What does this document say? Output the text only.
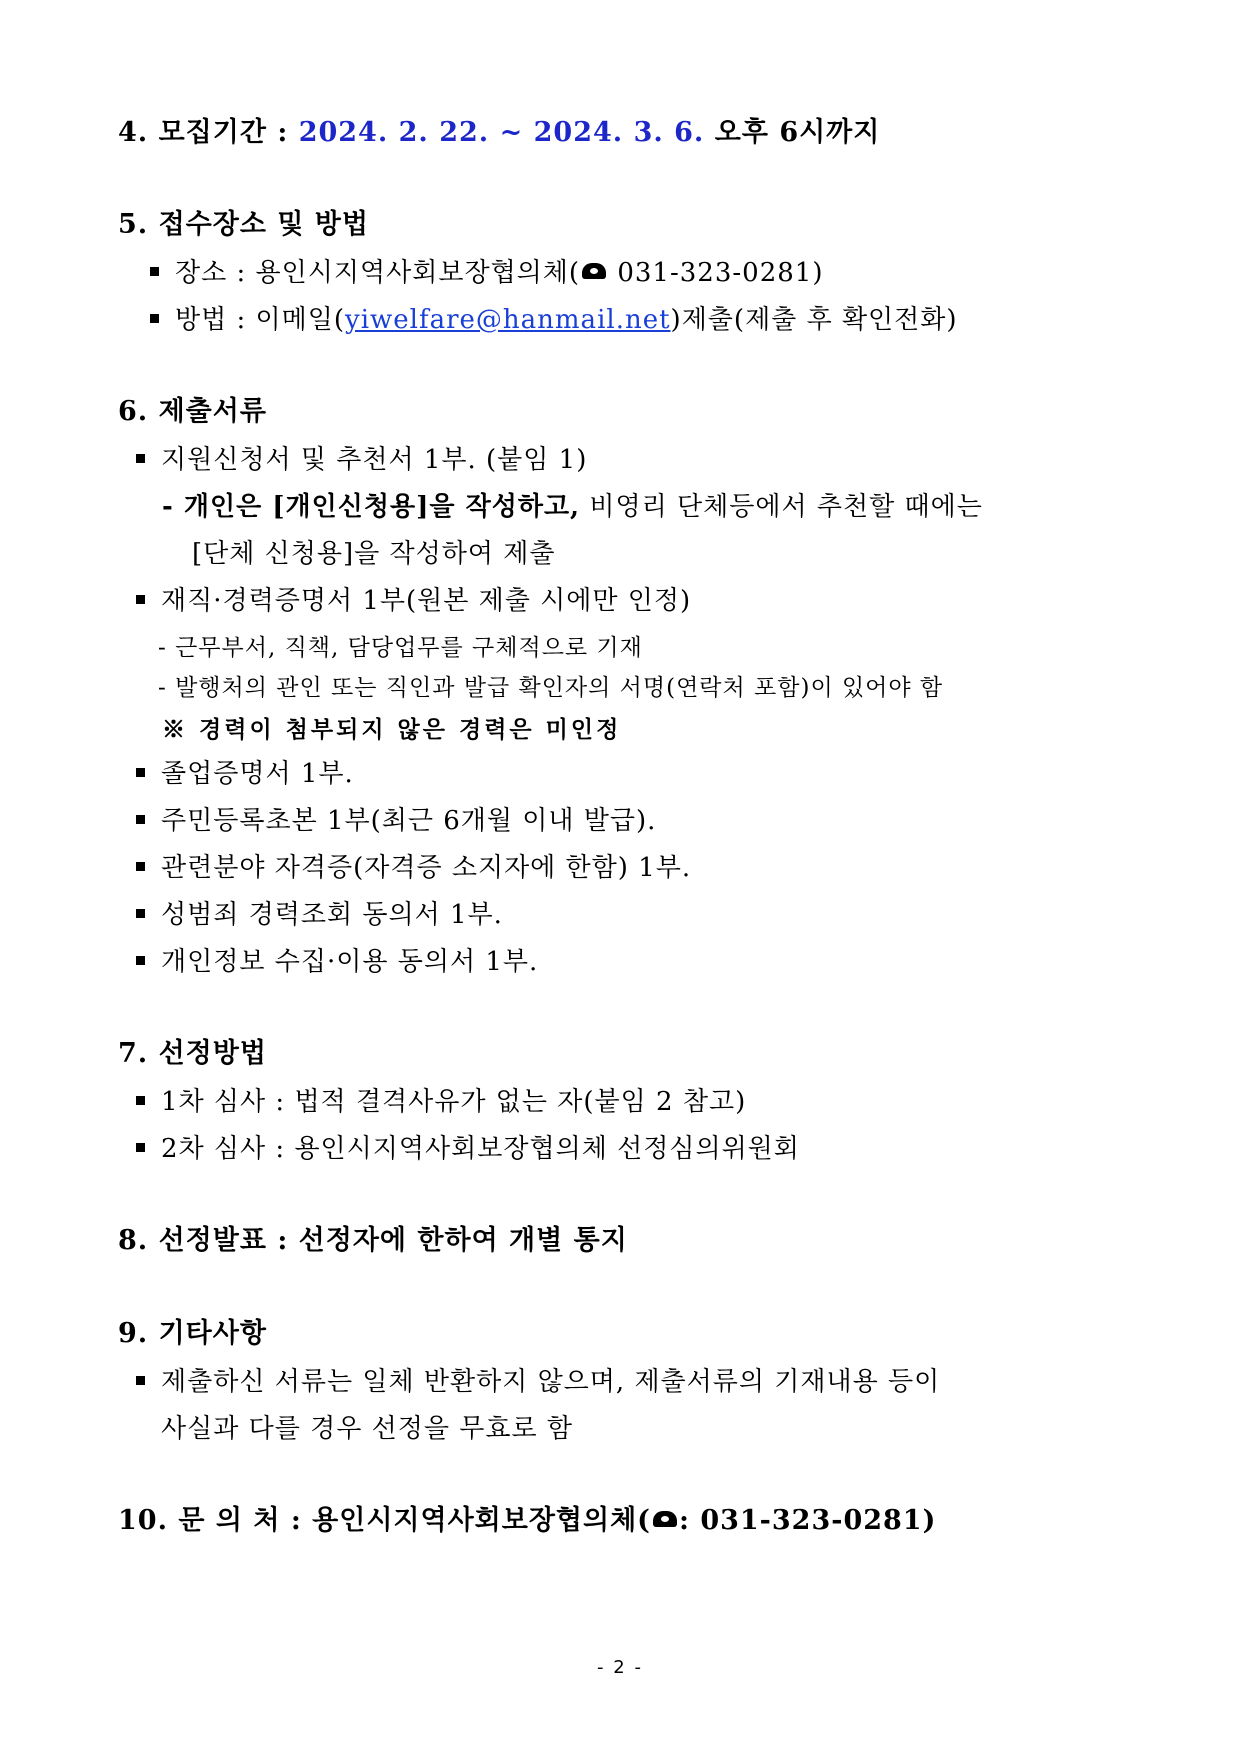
4. 모집기간 : 2024. 2. 22. ~ 2024. 3. 6. 오후 6시까지
5. 접수장소 및 방법
장소 : 용인시지역사회보장협의체( 031-323-0281)
방법 : 이메일(yiwelfare@hanmail.net)제출(제출 후 확인전화)
6. 제출서류
지원신청서 및 추천서 1부. (붙임 1)
- 개인은 [개인신청용]을 작성하고, 비영리 단체등에서 추천할 때에는
[단체 신청용]을 작성하여 제출
재직·경력증명서 1부(원본 제출 시에만 인정)
- 근무부서, 직책, 담당업무를 구체적으로 기재
- 발행처의 관인 또는 직인과 발급 확인자의 서명(연락처 포함)이 있어야 함
※ 경력이 첨부되지 않은 경력은 미인정
졸업증명서 1부.
주민등록초본 1부(최근 6개월 이내 발급).
관련분야 자격증(자격증 소지자에 한함) 1부.
성범죄 경력조회 동의서 1부.
개인정보 수집·이용 동의서 1부.
7. 선정방법
1차 심사 : 법적 결격사유가 없는 자(붙임 2 참고)
2차 심사 : 용인시지역사회보장협의체 선정심의위원회
8. 선정발표 : 선정자에 한하여 개별 통지
9. 기타사항
제출하신 서류는 일체 반환하지 않으며, 제출서류의 기재내용 등이
사실과 다를 경우 선정을 무효로 함
10. 문 의 처 : 용인시지역사회보장협의체( : 031-323-0281)
- 2 -
